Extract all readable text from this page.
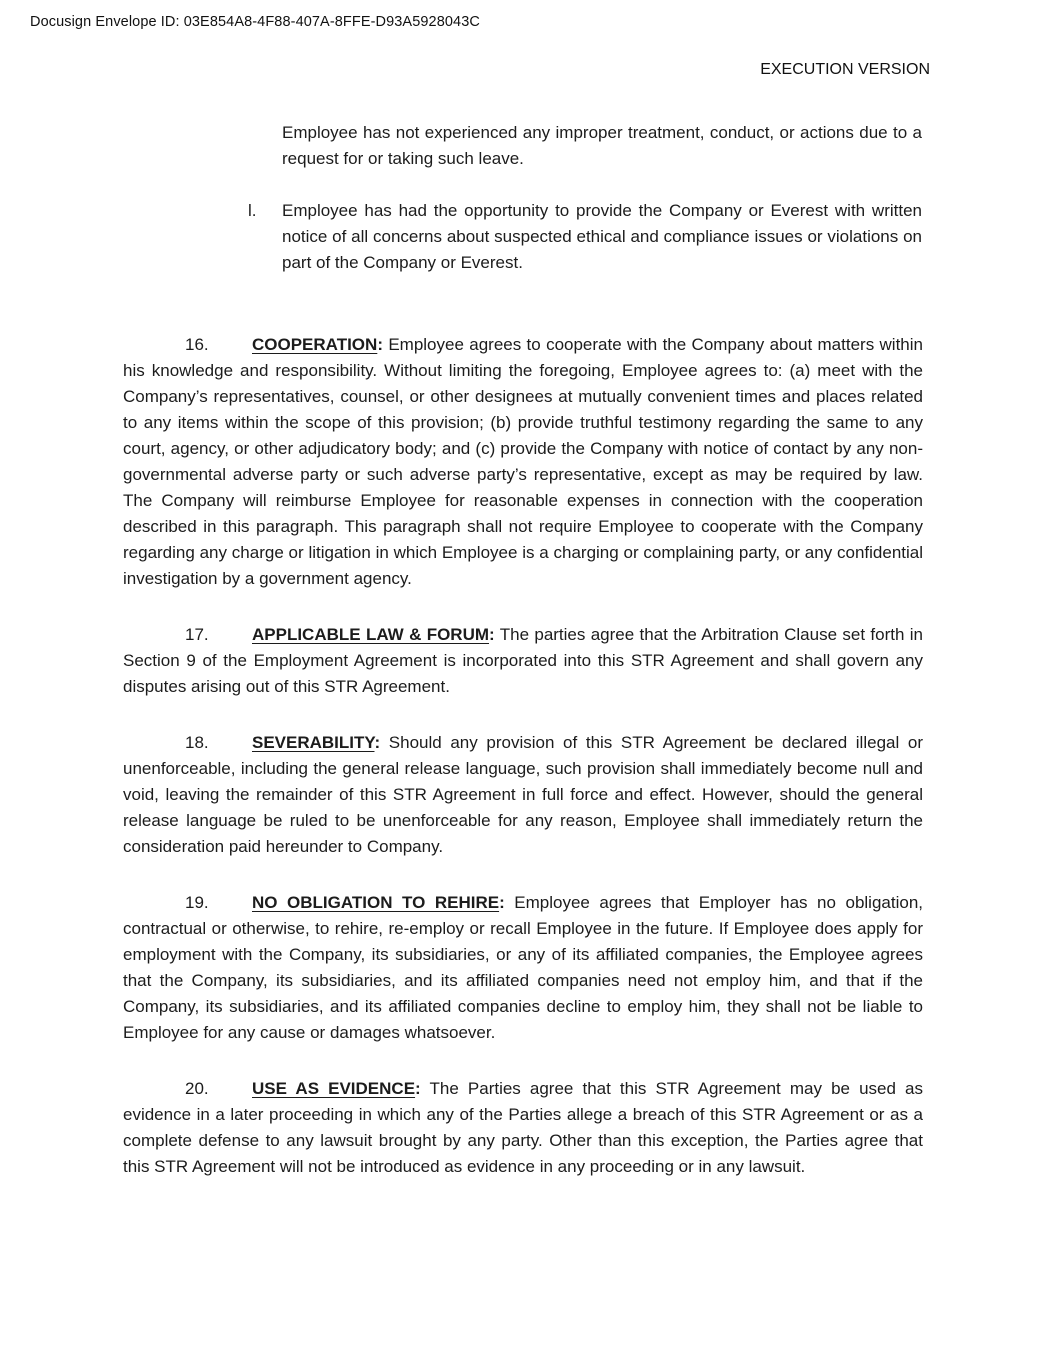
Docusign Envelope ID: 03E854A8-4F88-407A-8FFE-D93A5928043C
EXECUTION VERSION
Employee has not experienced any improper treatment, conduct, or actions due to a request for or taking such leave.
l. Employee has had the opportunity to provide the Company or Everest with written notice of all concerns about suspected ethical and compliance issues or violations on part of the Company or Everest.

16.	COOPERATION: Employee agrees to cooperate with the Company about matters within his knowledge and responsibility. Without limiting the foregoing, Employee agrees to: (a) meet with the Company’s representatives, counsel, or other designees at mutually convenient times and places related to any items within the scope of this provision; (b) provide truthful testimony regarding the same to any court, agency, or other adjudicatory body; and (c) provide the Company with notice of contact by any non-governmental adverse party or such adverse party’s representative, except as may be required by law. The Company will reimburse Employee for reasonable expenses in connection with the cooperation described in this paragraph. This paragraph shall not require Employee to cooperate with the Company regarding any charge or litigation in which Employee is a charging or complaining party, or any confidential investigation by a government agency.

17.	APPLICABLE LAW & FORUM: The parties agree that the Arbitration Clause set forth in Section 9 of the Employment Agreement is incorporated into this STR Agreement and shall govern any disputes arising out of this STR Agreement.

18.	SEVERABILITY: Should any provision of this STR Agreement be declared illegal or unenforceable, including the general release language, such provision shall immediately become null and void, leaving the remainder of this STR Agreement in full force and effect. However, should the general release language be ruled to be unenforceable for any reason, Employee shall immediately return the consideration paid hereunder to Company.

19.	NO OBLIGATION TO REHIRE: Employee agrees that Employer has no obligation, contractual or otherwise, to rehire, re-employ or recall Employee in the future. If Employee does apply for employment with the Company, its subsidiaries, or any of its affiliated companies, the Employee agrees that the Company, its subsidiaries, and its affiliated companies need not employ him, and that if the Company, its subsidiaries, and its affiliated companies decline to employ him, they shall not be liable to Employee for any cause or damages whatsoever.

20.	USE AS EVIDENCE: The Parties agree that this STR Agreement may be used as evidence in a later proceeding in which any of the Parties allege a breach of this STR Agreement or as a complete defense to any lawsuit brought by any party. Other than this exception, the Parties agree that this STR Agreement will not be introduced as evidence in any proceeding or in any lawsuit.
